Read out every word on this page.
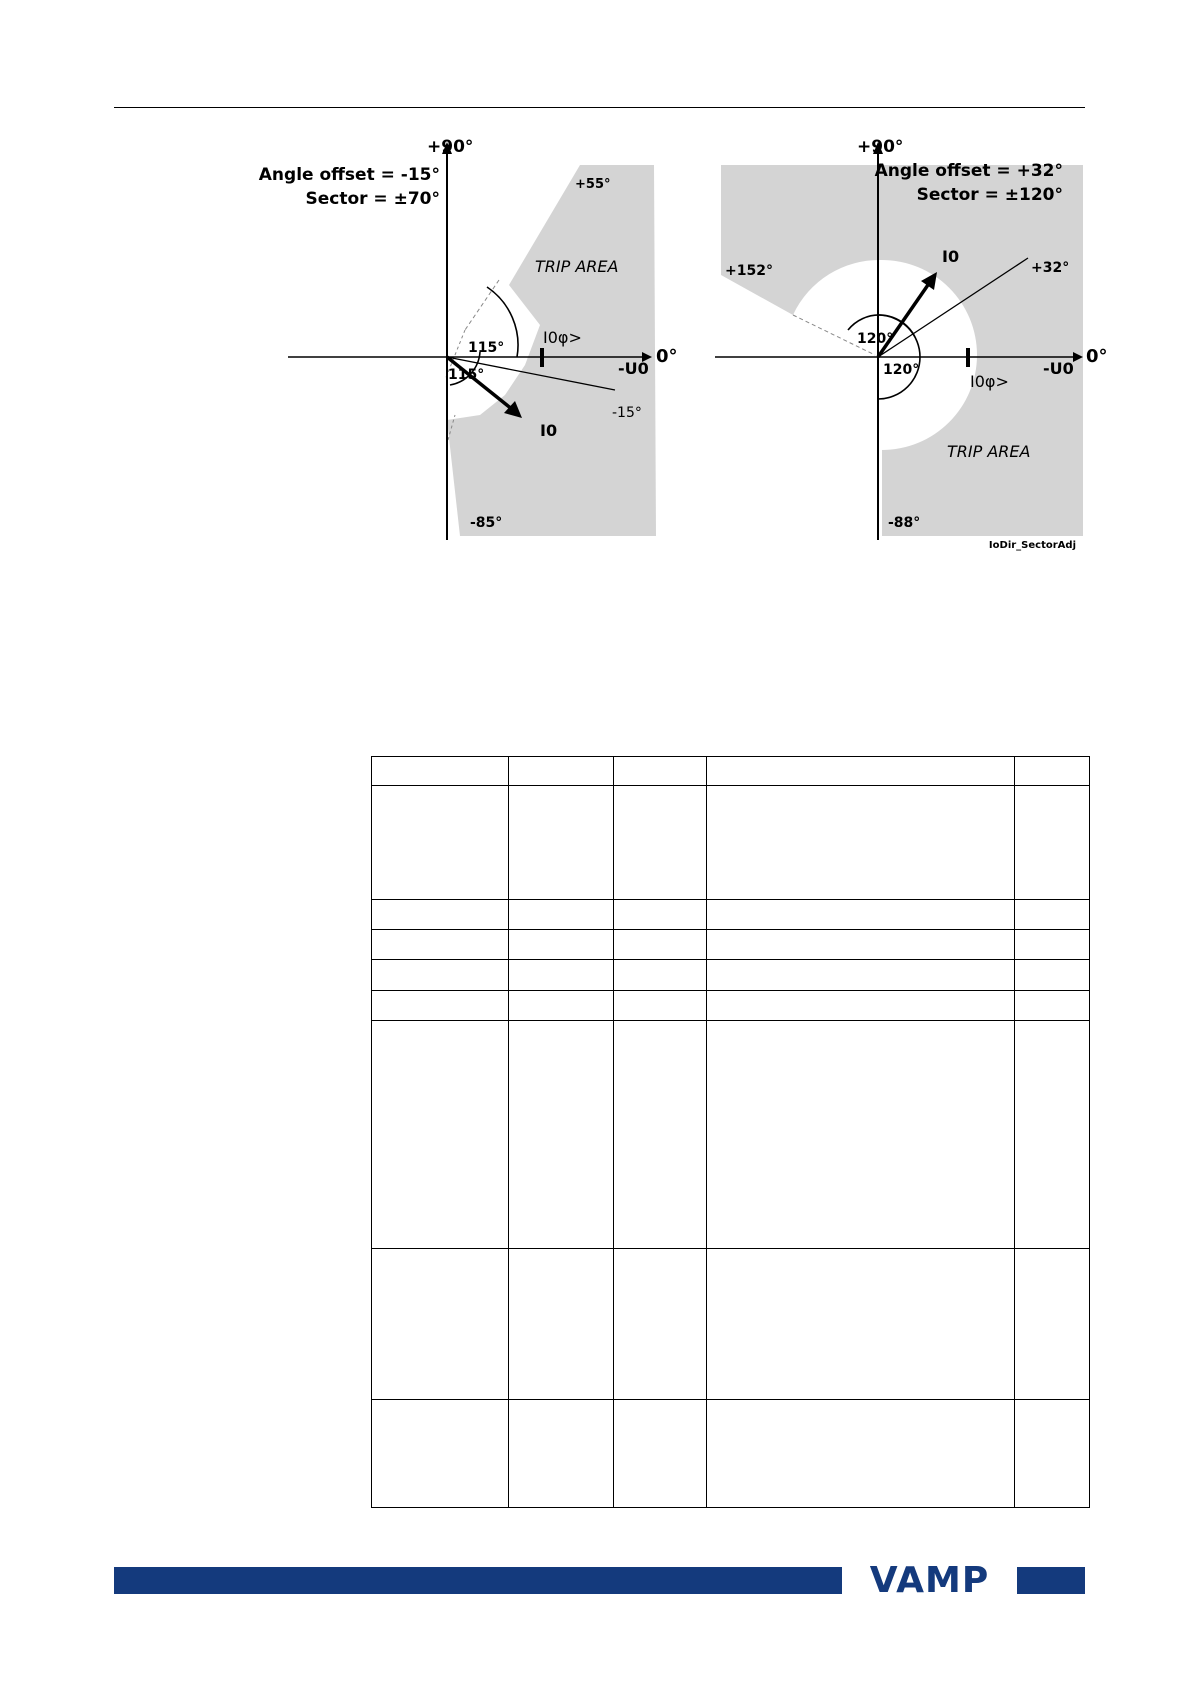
+90°
Angle offset = -15°
Sector = ±70°
+55°
TRIP AREA
I0φ>
115°
115°
0°
-U0
-15°
I0
-85°
+90°
Angle offset = +32°
Sector = ±120°
+152°
I0
+32°
120°
120°
0°
-U0
I0φ>
TRIP AREA
-88°
IoDir_SectorAdj

VAMP
